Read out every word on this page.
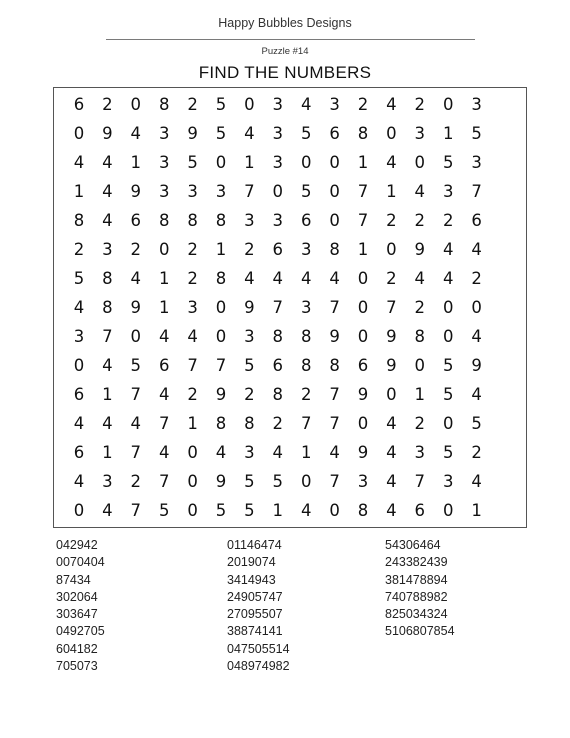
Happy Bubbles Designs
Puzzle #14
FIND THE NUMBERS
6	2	0	8	2	5	0	3	4	3	2	4	2	0	3
0	9	4	3	9	5	4	3	5	6	8	0	3	1	5
4	4	1	3	5	0	1	3	0	0	1	4	0	5	3
1	4	9	3	3	3	7	0	5	0	7	1	4	3	7
8	4	6	8	8	8	3	3	6	0	7	2	2	2	6
2	3	2	0	2	1	2	6	3	8	1	0	9	4	4
5	8	4	1	2	8	4	4	4	4	0	2	4	4	2
4	8	9	1	3	0	9	7	3	7	0	7	2	0	0
3	7	0	4	4	0	3	8	8	9	0	9	8	0	4
0	4	5	6	7	7	5	6	8	8	6	9	0	5	9
6	1	7	4	2	9	2	8	2	7	9	0	1	5	4
4	4	4	7	1	8	8	2	7	7	0	4	2	0	5
6	1	7	4	0	4	3	4	1	4	9	4	3	5	2
4	3	2	7	0	9	5	5	0	7	3	4	7	3	4
0	4	7	5	0	5	5	1	4	0	8	4	6	0	1
042942
0070404
87434
302064
303647
0492705
604182
705073
01146474
2019074
3414943
24905747
27095507
38874141
047505514
048974982
54306464
243382439
381478894
740788982
825034324
5106807854
